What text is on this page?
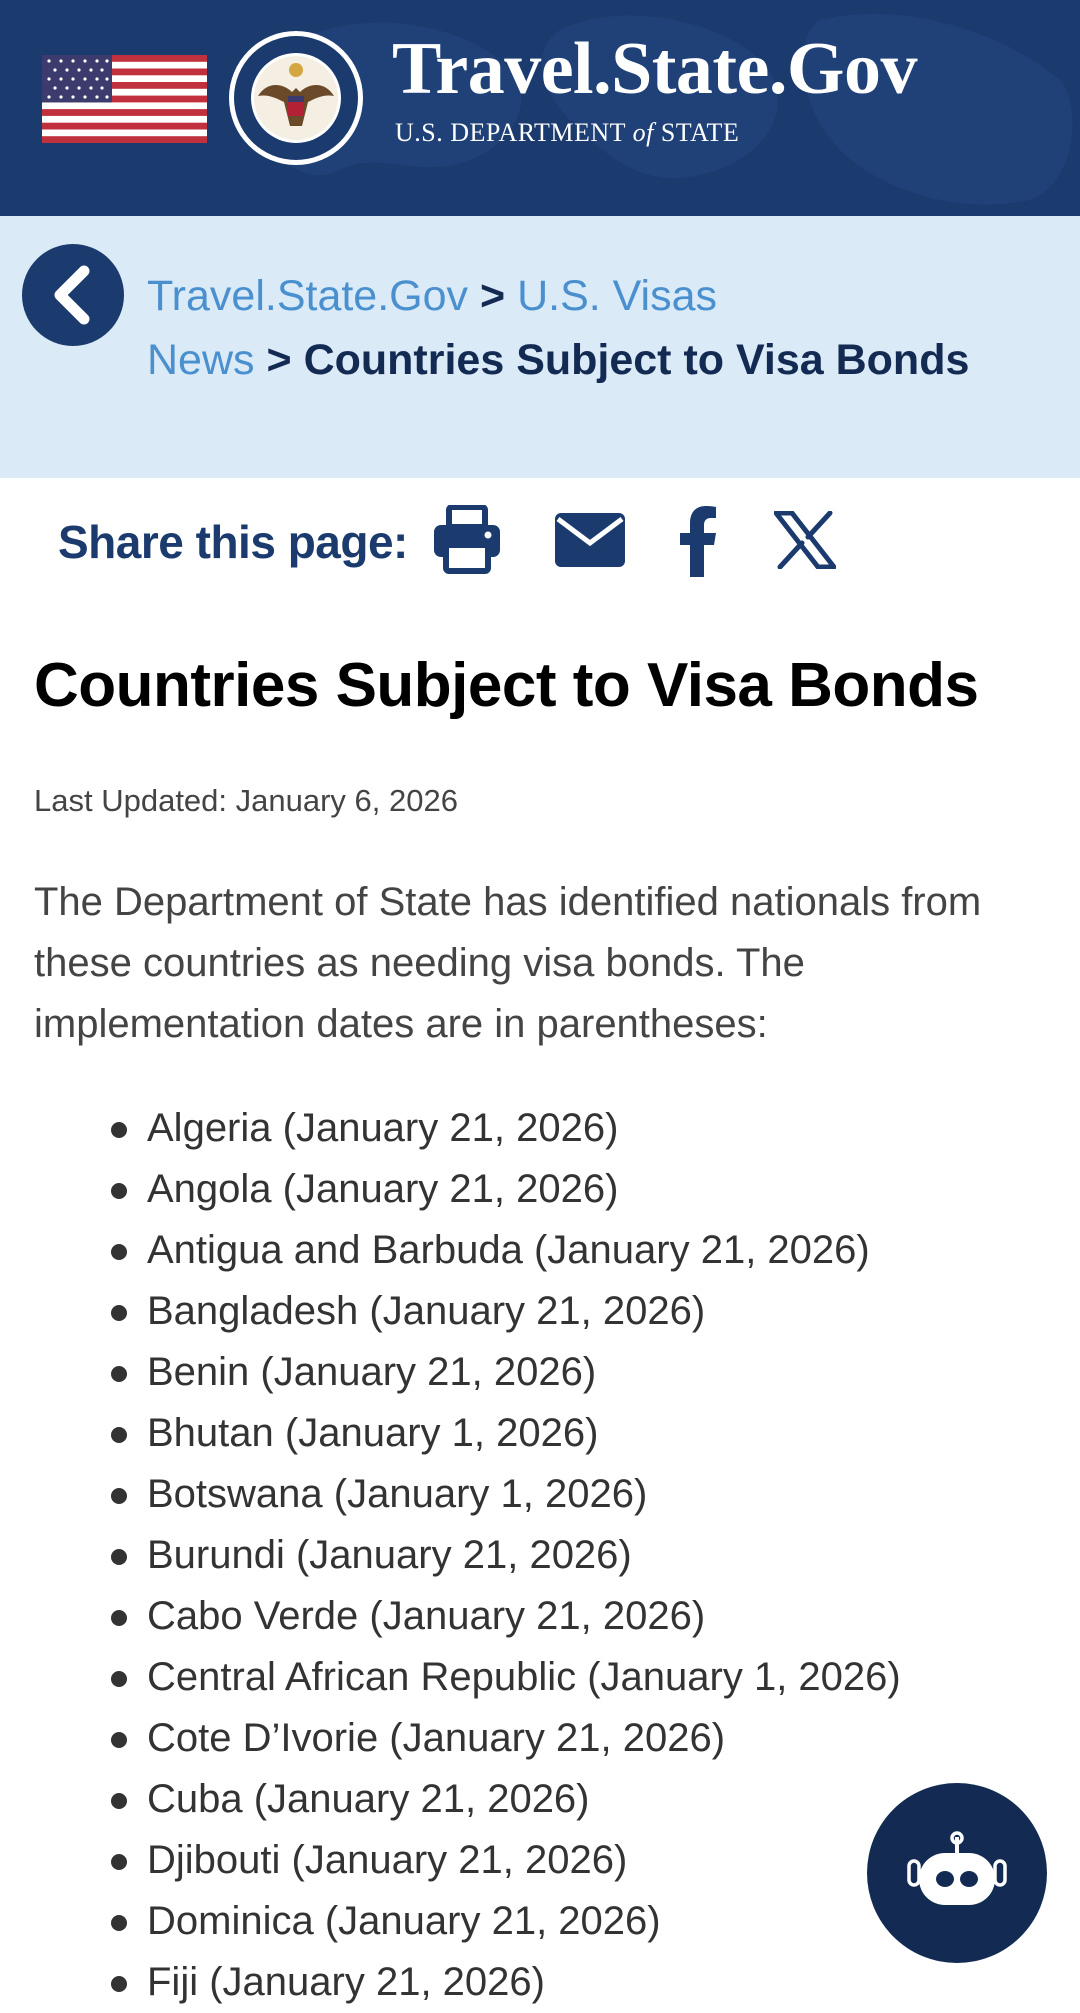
Travel.State.Gov
U.S. DEPARTMENT of STATE
Travel.State.Gov > U.S. Visas
News > Countries Subject to Visa Bonds
Share this page:
Countries Subject to Visa Bonds
Last Updated: January 6, 2026

The Department of State has identified nationals from these countries as needing visa bonds. The implementation dates are in parentheses:

Algeria (January 21, 2026)
Angola (January 21, 2026)
Antigua and Barbuda (January 21, 2026)
Bangladesh (January 21, 2026)
Benin (January 21, 2026)
Bhutan (January 1, 2026)
Botswana (January 1, 2026)
Burundi (January 21, 2026)
Cabo Verde (January 21, 2026)
Central African Republic (January 1, 2026)
Cote D’Ivorie (January 21, 2026)
Cuba (January 21, 2026)
Djibouti (January 21, 2026)
Dominica (January 21, 2026)
Fiji (January 21, 2026)
